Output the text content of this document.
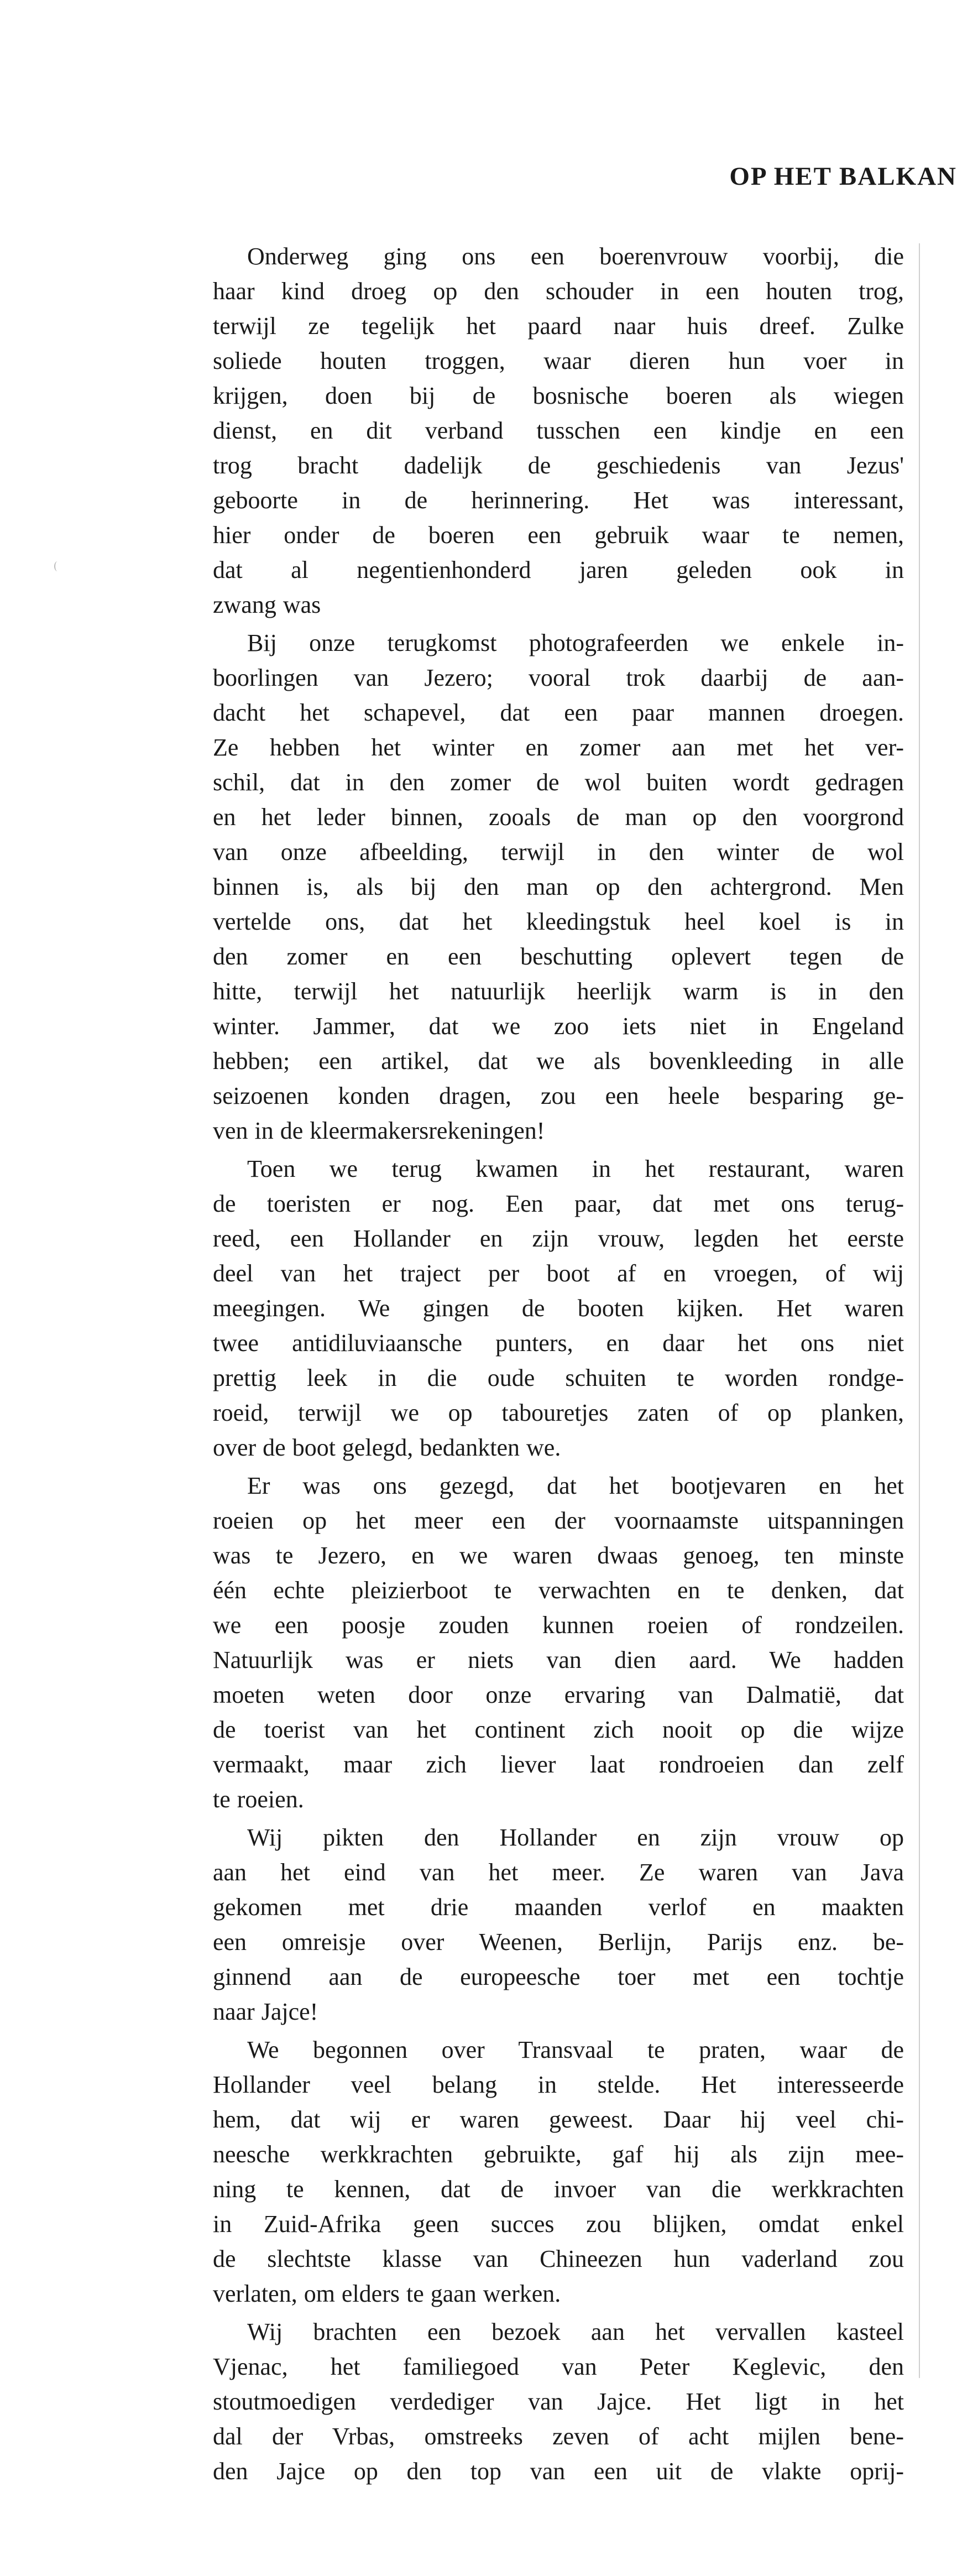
OP HET BALKAN
Onderweg ging ons een boerenvrouw voorbij, die
haar kind droeg op den schouder in een houten trog,
terwijl ze tegelijk het paard naar huis dreef. Zulke
soliede houten troggen, waar dieren hun voer in
krijgen, doen bij de bosnische boeren als wiegen
dienst, en dit verband tusschen een kindje en een
trog bracht dadelijk de geschiedenis van Jezus'
geboorte in de herinnering. Het was interessant,
hier onder de boeren een gebruik waar te nemen,
dat al negentienhonderd jaren geleden ook in
zwang was
Bij onze terugkomst photografeerden we enkele in-
boorlingen van Jezero; vooral trok daarbij de aan-
dacht het schapevel, dat een paar mannen droegen.
Ze hebben het winter en zomer aan met het ver-
schil, dat in den zomer de wol buiten wordt gedragen
en het leder binnen, zooals de man op den voorgrond
van onze afbeelding, terwijl in den winter de wol
binnen is, als bij den man op den achtergrond. Men
vertelde ons, dat het kleedingstuk heel koel is in
den zomer en een beschutting oplevert tegen de
hitte, terwijl het natuurlijk heerlijk warm is in den
winter. Jammer, dat we zoo iets niet in Engeland
hebben; een artikel, dat we als bovenkleeding in alle
seizoenen konden dragen, zou een heele besparing ge-
ven in de kleermakersrekeningen!
Toen we terug kwamen in het restaurant, waren
de toeristen er nog. Een paar, dat met ons terug-
reed, een Hollander en zijn vrouw, legden het eerste
deel van het traject per boot af en vroegen, of wij
meegingen. We gingen de booten kijken. Het waren
twee antidiluviaansche punters, en daar het ons niet
prettig leek in die oude schuiten te worden rondge-
roeid, terwijl we op tabouretjes zaten of op planken,
over de boot gelegd, bedankten we.
Er was ons gezegd, dat het bootjevaren en het
roeien op het meer een der voornaamste uitspanningen
was te Jezero, en we waren dwaas genoeg, ten minste
één echte pleizierboot te verwachten en te denken, dat
we een poosje zouden kunnen roeien of rondzeilen.
Natuurlijk was er niets van dien aard. We hadden
moeten weten door onze ervaring van Dalmatië, dat
de toerist van het continent zich nooit op die wijze
vermaakt, maar zich liever laat rondroeien dan zelf
te roeien.
Wij pikten den Hollander en zijn vrouw op
aan het eind van het meer. Ze waren van Java
gekomen met drie maanden verlof en maakten
een omreisje over Weenen, Berlijn, Parijs enz. be-
ginnend aan de europeesche toer met een tochtje
naar Jajce!
We begonnen over Transvaal te praten, waar de
Hollander veel belang in stelde. Het interesseerde
hem, dat wij er waren geweest. Daar hij veel chi-
neesche werkkrachten gebruikte, gaf hij als zijn mee-
ning te kennen, dat de invoer van die werkkrachten
in Zuid-Afrika geen succes zou blijken, omdat enkel
de slechtste klasse van Chineezen hun vaderland zou
verlaten, om elders te gaan werken.
Wij brachten een bezoek aan het vervallen kasteel
Vjenac, het familiegoed van Peter Keglevic, den
stoutmoedigen verdediger van Jajce. Het ligt in het
dal der Vrbas, omstreeks zeven of acht mijlen bene-
den Jajce op den top van een uit de vlakte oprij-
